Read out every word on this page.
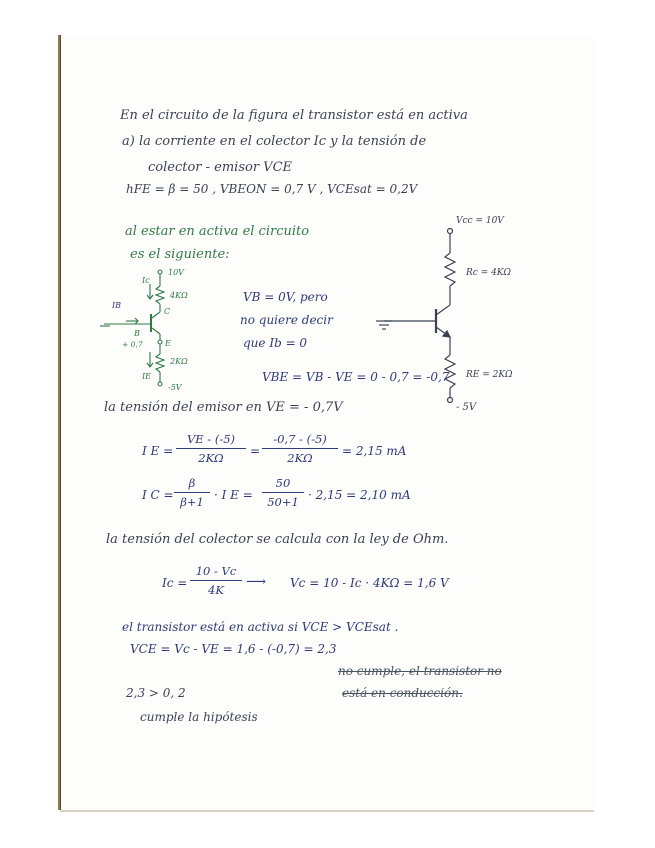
En el circuito de la figura el transistor está en activa
a) la corriente en el colector Ic y la tensión de
colector - emisor VCE
hFE = β = 50 , VBEON = 0,7 V , VCEsat = 0,2V
al estar en activa el circuito
es el siguiente:
Vcc = 10V
Rc = 4KΩ
RE = 2KΩ
- 5V
10V
Ic
4KΩ
C
IB
B
+ 0,7	E
2KΩ
IE
-5V
VB = 0V, pero
no quiere decir
que Ib = 0
VBE = VB - VE = 0 - 0,7 = -0,7
la tensión del emisor en VE = - 0,7V
I $E = \frac{VE - (-5)}{2K\Omega} = \frac{-0,7 - (-5)}{2K\Omega} = 2,15$ mA
I $C = \frac{\beta}{\beta+1} \cdot I$ $E = \frac{50}{50+1} \cdot 2,15 = 2,10$ mA
la tensión del colector se calcula con la ley de Ohm.
$Ic = \frac{10 - Vc}{4K}$ ⟶ Vc = 10 - Ic · 4KΩ = 1,6 V
el transistor está en activa si VCE > VCEsat .
VCE = Vc - VE = 1,6 - (-0,7) = 2,3
no cumple, el transistor no
está en conducción.
2,3 > 0, 2
cumple la hipótesis
